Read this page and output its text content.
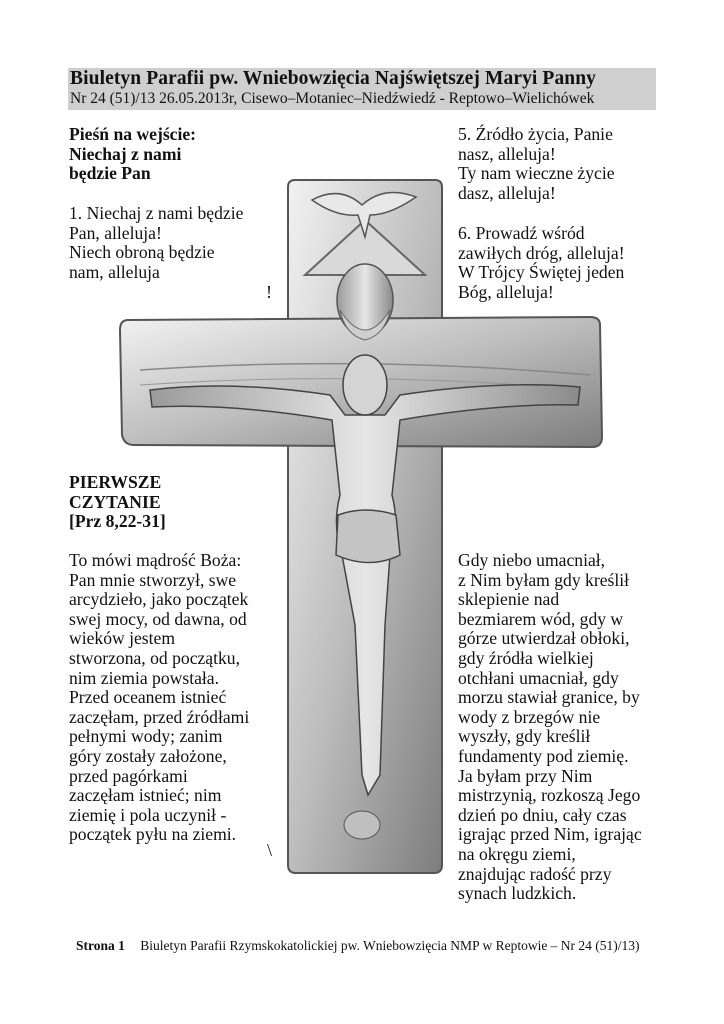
Biuletyn Parafii pw. Wniebowzięcia Najświętszej Maryi Panny
Nr 24 (51)/13 26.05.2013r, Cisewo–Motaniec–Niedźwiedź - Reptowo–Wielichówek
Pieśń na wejście:
Niechaj z nami
będzie Pan
1. Niechaj z nami będzie
Pan, alleluja!
Niech obroną będzie
nam, alleluja
5. Źródło życia, Panie
nasz, alleluja!
Ty nam wieczne życie
dasz, alleluja!
6. Prowadź wśród
zawiłych dróg, alleluja!
W Trójcy Świętej jeden
Bóg, alleluja!
!
PIERWSZE
CZYTANIE
[Prz 8,22-31]
To mówi mądrość Boża:
Pan mnie stworzył, swe
arcydzieło, jako początek
swej mocy, od dawna, od
wieków jestem
stworzona, od początku,
nim ziemia powstała.
Przed oceanem istnieć
zaczęłam, przed źródłami
pełnymi wody; zanim
góry zostały założone,
przed pagórkami
zaczęłam istnieć; nim
ziemię i pola uczynił -
początek pyłu na ziemi.
Gdy niebo umacniał,
z Nim byłam gdy kreślił
sklepienie nad
bezmiarem wód, gdy w
górze utwierdzał obłoki,
gdy źródła wielkiej
otchłani umacniał, gdy
morzu stawiał granice, by
wody z brzegów nie
wyszły, gdy kreślił
fundamenty pod ziemię.
Ja byłam przy Nim
mistrzynią, rozkoszą Jego
dzień po dniu, cały czas
igrając przed Nim, igrając
na okręgu ziemi,
znajdując radość przy
synach ludzkich.
\
Strona 1 Biuletyn Parafii Rzymskokatolickiej pw. Wniebowzięcia NMP w Reptowie – Nr 24 (51)/13)
